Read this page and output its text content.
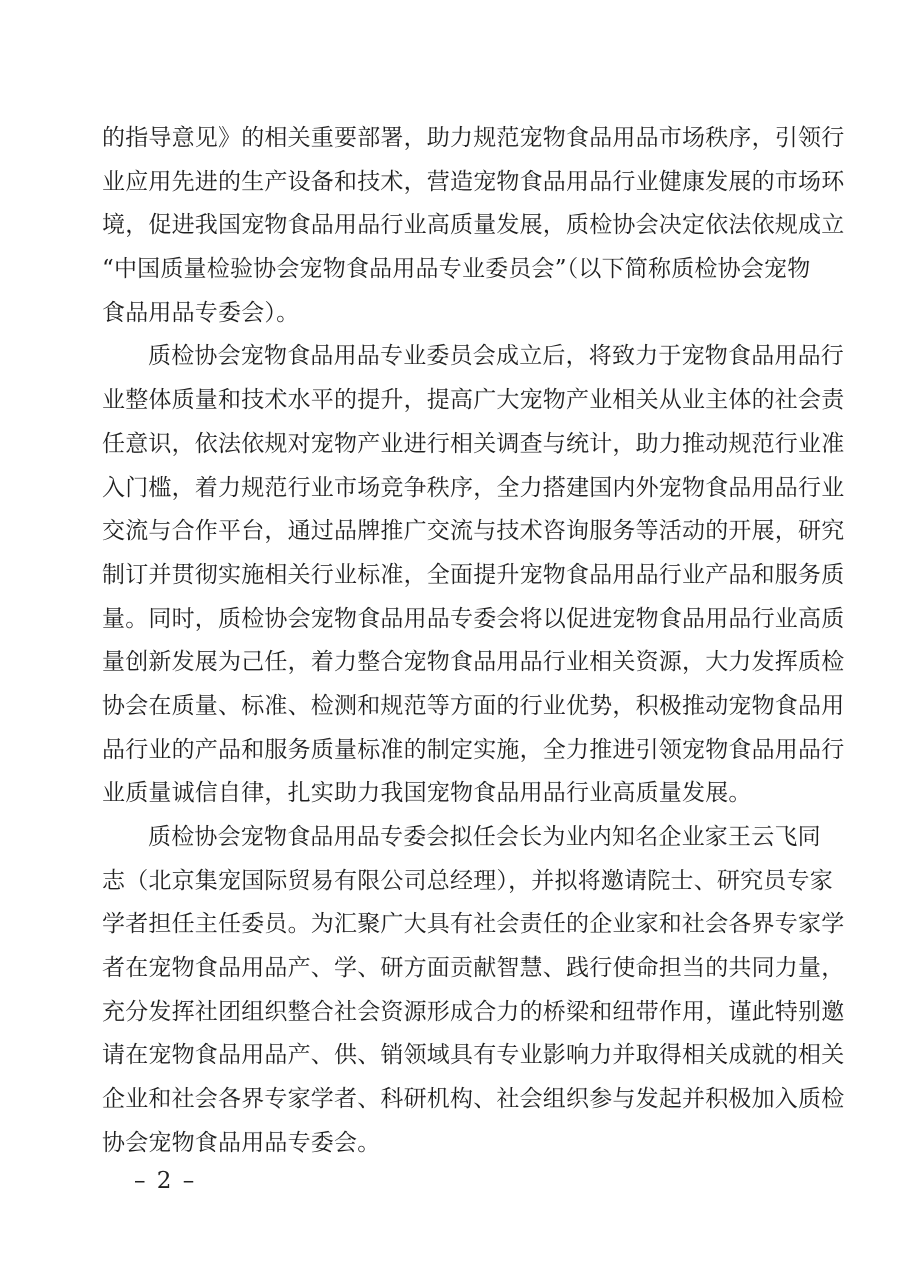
的指导意见》的相关重要部署，助力规范宠物食品用品市场秩序，引领行
业应用先进的生产设备和技术，营造宠物食品用品行业健康发展的市场环
境，促进我国宠物食品用品行业高质量发展，质检协会决定依法依规成立
“中国质量检验协会宠物食品用品专业委员会”（以下简称质检协会宠物
食品用品专委会）。
质检协会宠物食品用品专业委员会成立后，将致力于宠物食品用品行
业整体质量和技术水平的提升，提高广大宠物产业相关从业主体的社会责
任意识，依法依规对宠物产业进行相关调查与统计，助力推动规范行业准
入门槛，着力规范行业市场竞争秩序，全力搭建国内外宠物食品用品行业
交流与合作平台，通过品牌推广交流与技术咨询服务等活动的开展，研究
制订并贯彻实施相关行业标准，全面提升宠物食品用品行业产品和服务质
量。同时，质检协会宠物食品用品专委会将以促进宠物食品用品行业高质
量创新发展为己任，着力整合宠物食品用品行业相关资源，大力发挥质检
协会在质量、标准、检测和规范等方面的行业优势，积极推动宠物食品用
品行业的产品和服务质量标准的制定实施，全力推进引领宠物食品用品行
业质量诚信自律，扎实助力我国宠物食品用品行业高质量发展。
质检协会宠物食品用品专委会拟任会长为业内知名企业家王云飞同
志（北京集宠国际贸易有限公司总经理），并拟将邀请院士、研究员专家
学者担任主任委员。为汇聚广大具有社会责任的企业家和社会各界专家学
者在宠物食品用品产、学、研方面贡献智慧、践行使命担当的共同力量，
充分发挥社团组织整合社会资源形成合力的桥梁和纽带作用，谨此特别邀
请在宠物食品用品产、供、销领域具有专业影响力并取得相关成就的相关
企业和社会各界专家学者、科研机构、社会组织参与发起并积极加入质检
协会宠物食品用品专委会。
– 2 –
